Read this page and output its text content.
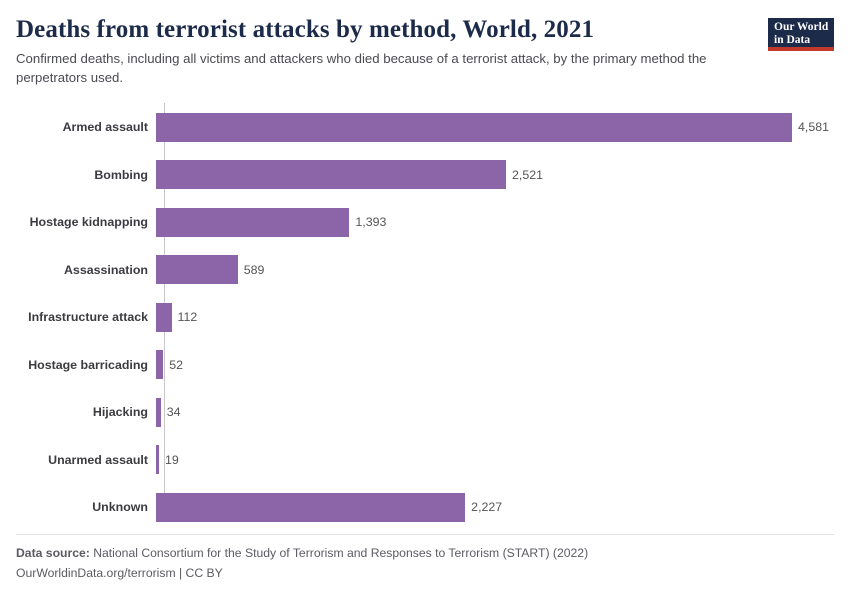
Our World
in Data
Deaths from terrorist attacks by method, World, 2021

Confirmed deaths, including all victims and attackers who died because of a terrorist attack, by the primary method the perpetrators used.

Armed assault	4,581
Bombing	2,521
Hostage kidnapping	1,393
Assassination	589
Infrastructure attack	112
Hostage barricading	52
Hijacking	34
Unarmed assault	19
Unknown	2,227
Data source: National Consortium for the Study of Terrorism and Responses to Terrorism (START) (2022)
OurWorldinData.org/terrorism | CC BY
